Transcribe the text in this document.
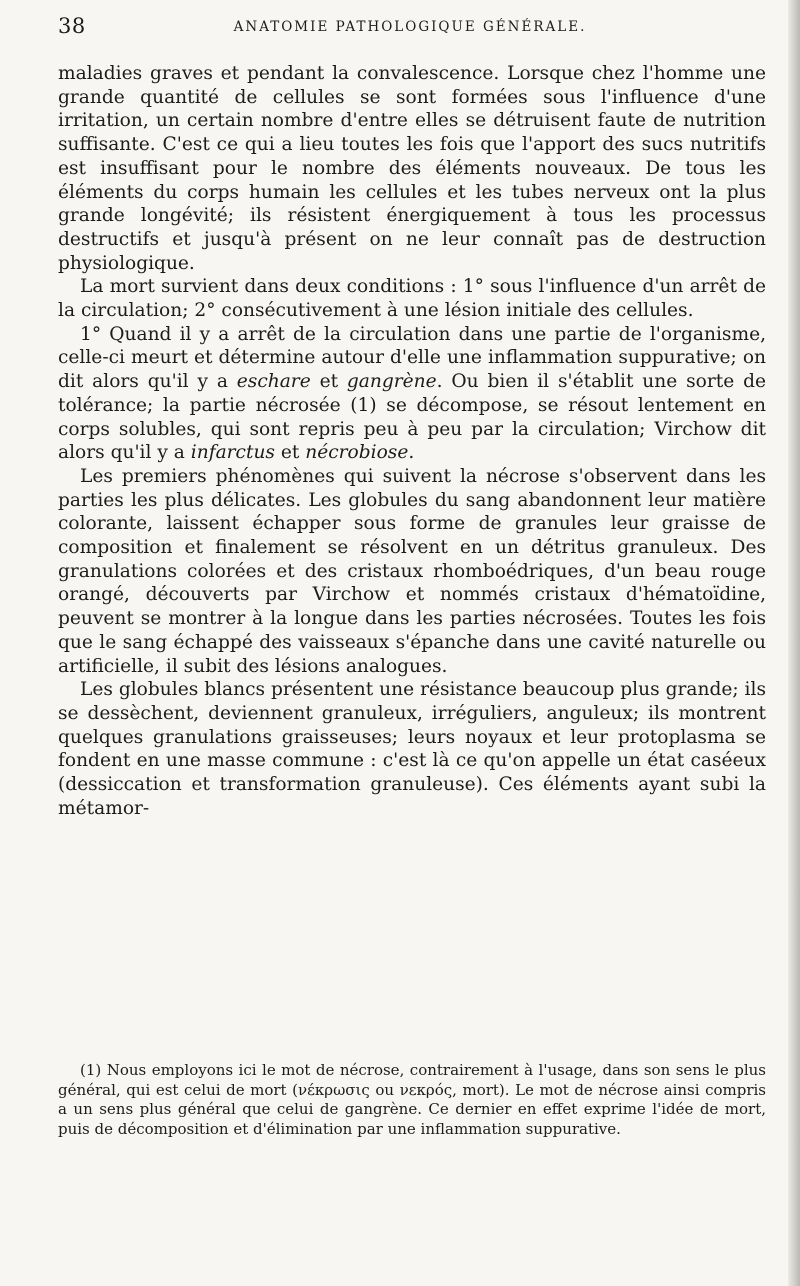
38	ANATOMIE PATHOLOGIQUE GÉNÉRALE.

maladies graves et pendant la convalescence. Lorsque chez l'homme une grande quantité de cellules se sont formées sous l'influence d'une irritation, un certain nombre d'entre elles se détruisent faute de nutrition suffisante. C'est ce qui a lieu toutes les fois que l'apport des sucs nutritifs est insuffisant pour le nombre des éléments nouveaux. De tous les éléments du corps humain les cellules et les tubes nerveux ont la plus grande longévité; ils résistent énergiquement à tous les processus destructifs et jusqu'à présent on ne leur connaît pas de destruction physiologique.

La mort survient dans deux conditions : 1° sous l'influence d'un arrêt de la circulation; 2° consécutivement à une lésion initiale des cellules.

1° Quand il y a arrêt de la circulation dans une partie de l'organisme, celle-ci meurt et détermine autour d'elle une inflammation suppurative; on dit alors qu'il y a eschare et gangrène. Ou bien il s'établit une sorte de tolérance; la partie nécrosée (1) se décompose, se résout lentement en corps solubles, qui sont repris peu à peu par la circulation; Virchow dit alors qu'il y a infarctus et nécrobiose.

Les premiers phénomènes qui suivent la nécrose s'observent dans les parties les plus délicates. Les globules du sang abandonnent leur matière colorante, laissent échapper sous forme de granules leur graisse de composition et finalement se résolvent en un détritus granuleux. Des granulations colorées et des cristaux rhomboédriques, d'un beau rouge orangé, découverts par Virchow et nommés cristaux d'hématoïdine, peuvent se montrer à la longue dans les parties nécrosées. Toutes les fois que le sang échappé des vaisseaux s'épanche dans une cavité naturelle ou artificielle, il subit des lésions analogues.

Les globules blancs présentent une résistance beaucoup plus grande; ils se dessèchent, deviennent granuleux, irréguliers, anguleux; ils montrent quelques granulations graisseuses; leurs noyaux et leur protoplasma se fondent en une masse commune : c'est là ce qu'on appelle un état caséeux (dessiccation et transformation granuleuse). Ces éléments ayant subi la métamor-

(1) Nous employons ici le mot de nécrose, contrairement à l'usage, dans son sens le plus général, qui est celui de mort (νέκρωσις ou νεκρός, mort). Le mot de nécrose ainsi compris a un sens plus général que celui de gangrène. Ce dernier en effet exprime l'idée de mort, puis de décomposition et d'élimination par une inflammation suppurative.
